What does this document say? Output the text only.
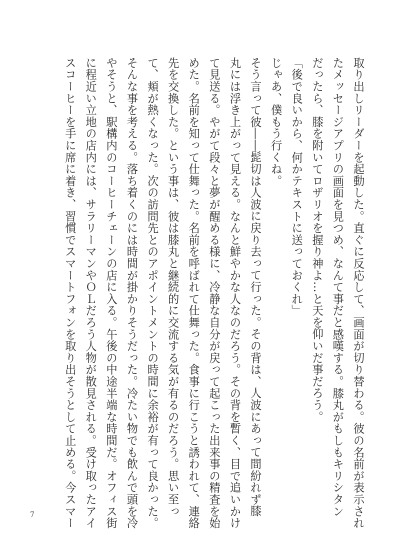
取り出しリーダーを起動した。直ぐに反応して、画面が切り替わる。彼の名前が表示され

たメッセージアプリの画面を見つめ、なんて事だと感嘆する。膝丸がもしもキリシタン

だったら、膝を附いてロザリオを握り神よ…と天を仰いだ事だろう。

「後で良いから、何かテキストに送っておくれ」

じゃあ、僕もう行くね。

そう言って彼――髭切は人波に戻り去って行った。その背は、人波にあって間紛れず膝

丸には浮き上がって見える。なんと鮮やかな人なのだろう。その背を暫く、目で追いかけ

て見送る。やがて段々と夢が醒める様に、冷静な自分が戻って起こった出来事の精査を始

めた。名前を知って仕舞った。名前を呼ばれて仕舞った。食事に行こうと誘われて、連絡

先を交換した。という事は、彼は膝丸と継続的に交流する気が有るのだろう。思い至っ

て、頬が熱くなった。次の訪問先とのアポイントメントの時間に余裕が有って良かった。

そんな事を考える。落ち着くのには時間が掛かりそうだった。冷たい物でも飲んで頭を冷

やそうと、駅構内のコーヒーチェーンの店に入る。午後の中途半端な時間だ。オフィス街

に程近い立地の店内には、サラリーマンやＯＬだろう人物が散見される。受け取ったアイ

スコーヒーを手に席に着き、習慣でスマートフォンを取り出そうとして止める。今スマー

7
